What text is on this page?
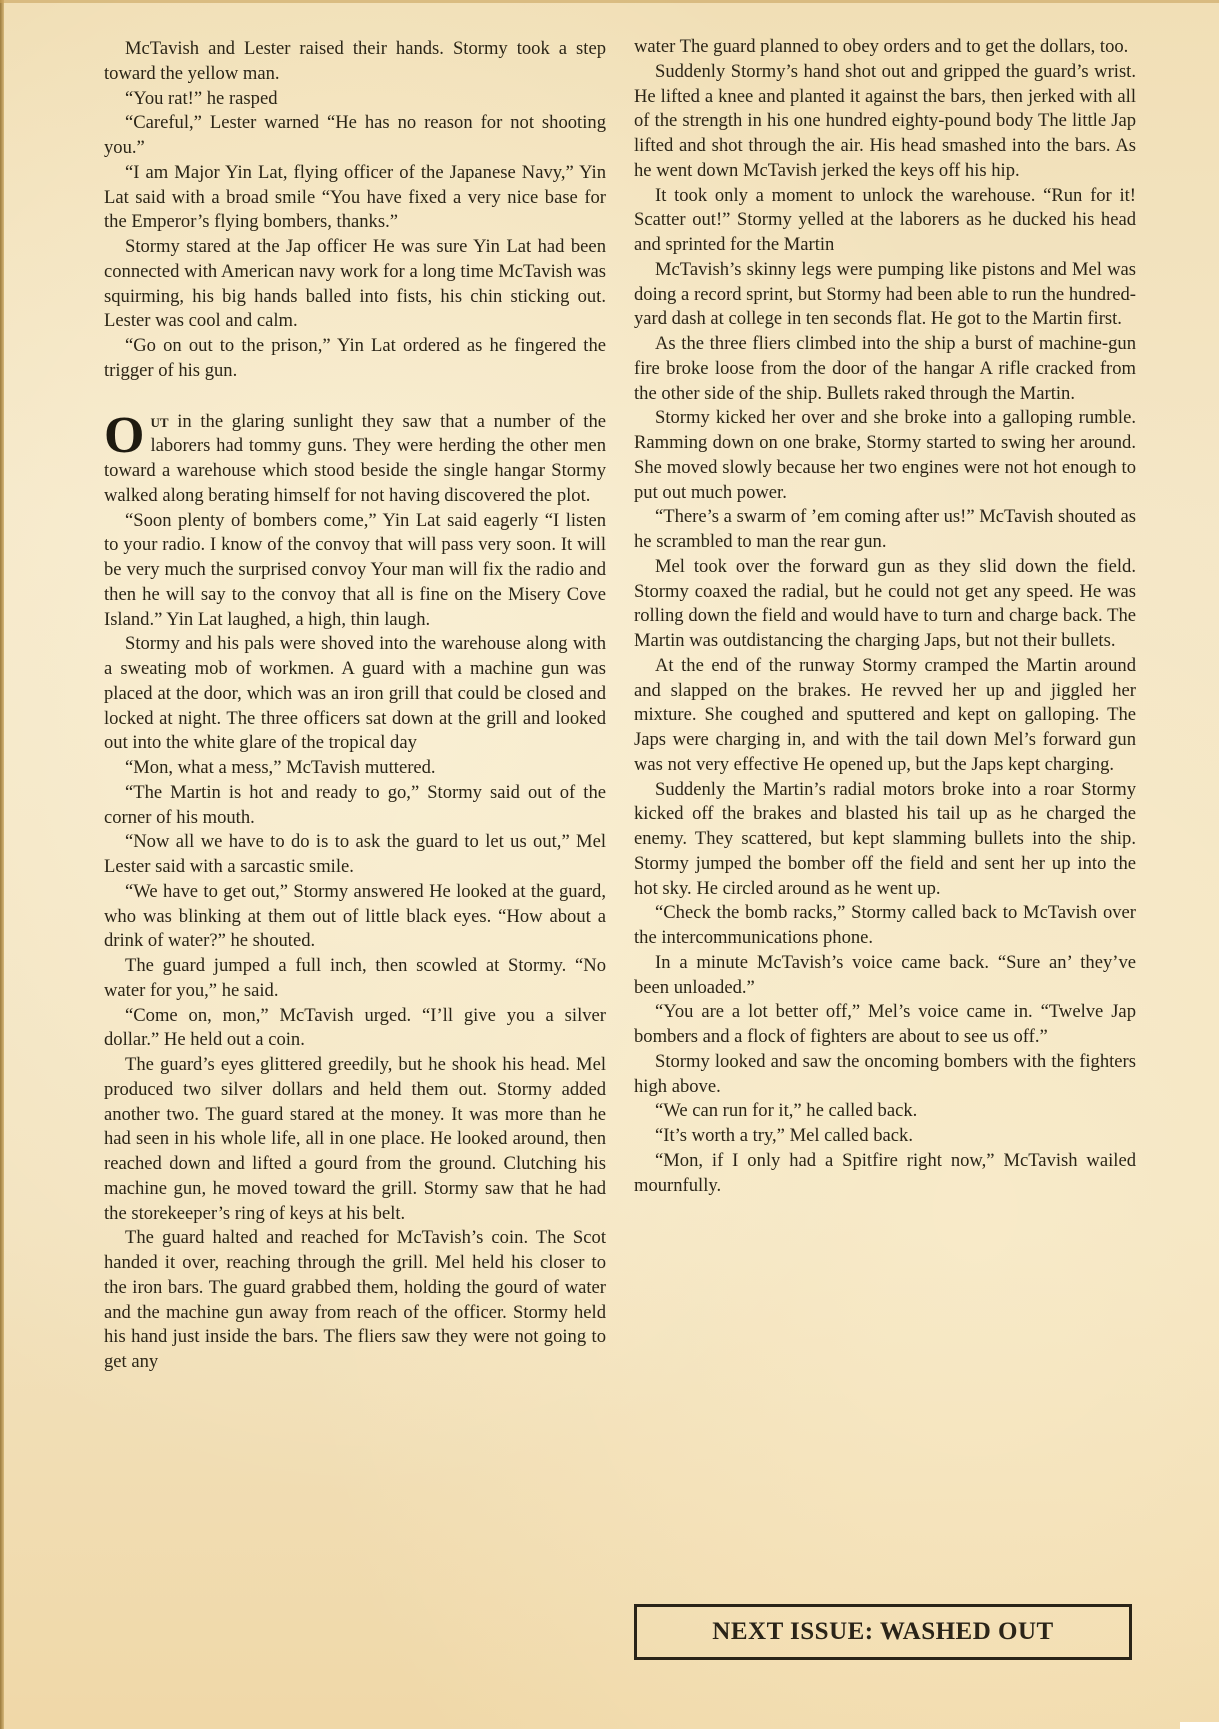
McTavish and Lester raised their hands. Stormy took a step toward the yellow man.

“You rat!” he rasped

“Careful,” Lester warned “He has no reason for not shooting you.”

“I am Major Yin Lat, flying officer of the Japanese Navy,” Yin Lat said with a broad smile “You have fixed a very nice base for the Emperor’s flying bombers, thanks.”

Stormy stared at the Jap officer He was sure Yin Lat had been connected with American navy work for a long time McTavish was squirming, his big hands balled into fists, his chin sticking out. Lester was cool and calm.

“Go on out to the prison,” Yin Lat ordered as he fingered the trigger of his gun.

Out in the glaring sunlight they saw that a number of the laborers had tommy guns. They were herding the other men toward a warehouse which stood beside the single hangar Stormy walked along berating himself for not having discovered the plot.

“Soon plenty of bombers come,” Yin Lat said eagerly “I listen to your radio. I know of the convoy that will pass very soon. It will be very much the surprised convoy Your man will fix the radio and then he will say to the convoy that all is fine on the Misery Cove Island.” Yin Lat laughed, a high, thin laugh.

Stormy and his pals were shoved into the warehouse along with a sweating mob of workmen. A guard with a machine gun was placed at the door, which was an iron grill that could be closed and locked at night. The three officers sat down at the grill and looked out into the white glare of the tropical day

“Mon, what a mess,” McTavish muttered.

“The Martin is hot and ready to go,” Stormy said out of the corner of his mouth.

“Now all we have to do is to ask the guard to let us out,” Mel Lester said with a sarcastic smile.

“We have to get out,” Stormy answered He looked at the guard, who was blinking at them out of little black eyes. “How about a drink of water?” he shouted.

The guard jumped a full inch, then scowled at Stormy. “No water for you,” he said.

“Come on, mon,” McTavish urged. “I’ll give you a silver dollar.” He held out a coin.

The guard’s eyes glittered greedily, but he shook his head. Mel produced two silver dollars and held them out. Stormy added another two. The guard stared at the money. It was more than he had seen in his whole life, all in one place. He looked around, then reached down and lifted a gourd from the ground. Clutching his machine gun, he moved toward the grill. Stormy saw that he had the storekeeper’s ring of keys at his belt.

The guard halted and reached for McTavish’s coin. The Scot handed it over, reaching through the grill. Mel held his closer to the iron bars. The guard grabbed them, holding the gourd of water and the machine gun away from reach of the officer. Stormy held his hand just inside the bars. The fliers saw they were not going to get any

water The guard planned to obey orders and to get the dollars, too.

Suddenly Stormy’s hand shot out and gripped the guard’s wrist. He lifted a knee and planted it against the bars, then jerked with all of the strength in his one hundred eighty-pound body The little Jap lifted and shot through the air. His head smashed into the bars. As he went down McTavish jerked the keys off his hip.

It took only a moment to unlock the warehouse. “Run for it! Scatter out!” Stormy yelled at the laborers as he ducked his head and sprinted for the Martin

McTavish’s skinny legs were pumping like pistons and Mel was doing a record sprint, but Stormy had been able to run the hundred-yard dash at college in ten seconds flat. He got to the Martin first.

As the three fliers climbed into the ship a burst of machine-gun fire broke loose from the door of the hangar A rifle cracked from the other side of the ship. Bullets raked through the Martin.

Stormy kicked her over and she broke into a galloping rumble. Ramming down on one brake, Stormy started to swing her around. She moved slowly because her two engines were not hot enough to put out much power.

“There’s a swarm of ’em coming after us!” McTavish shouted as he scrambled to man the rear gun.

Mel took over the forward gun as they slid down the field. Stormy coaxed the radial, but he could not get any speed. He was rolling down the field and would have to turn and charge back. The Martin was outdistancing the charging Japs, but not their bullets.

At the end of the runway Stormy cramped the Martin around and slapped on the brakes. He revved her up and jiggled her mixture. She coughed and sputtered and kept on galloping. The Japs were charging in, and with the tail down Mel’s forward gun was not very effective He opened up, but the Japs kept charging.

Suddenly the Martin’s radial motors broke into a roar Stormy kicked off the brakes and blasted his tail up as he charged the enemy. They scattered, but kept slamming bullets into the ship. Stormy jumped the bomber off the field and sent her up into the hot sky. He circled around as he went up.

“Check the bomb racks,” Stormy called back to McTavish over the intercommunications phone.

In a minute McTavish’s voice came back. “Sure an’ they’ve been unloaded.”

“You are a lot better off,” Mel’s voice came in. “Twelve Jap bombers and a flock of fighters are about to see us off.”

Stormy looked and saw the oncoming bombers with the fighters high above.

“We can run for it,” he called back.

“It’s worth a try,” Mel called back.

“Mon, if I only had a Spitfire right now,” McTavish wailed mournfully.

NEXT ISSUE: WASHED OUT
